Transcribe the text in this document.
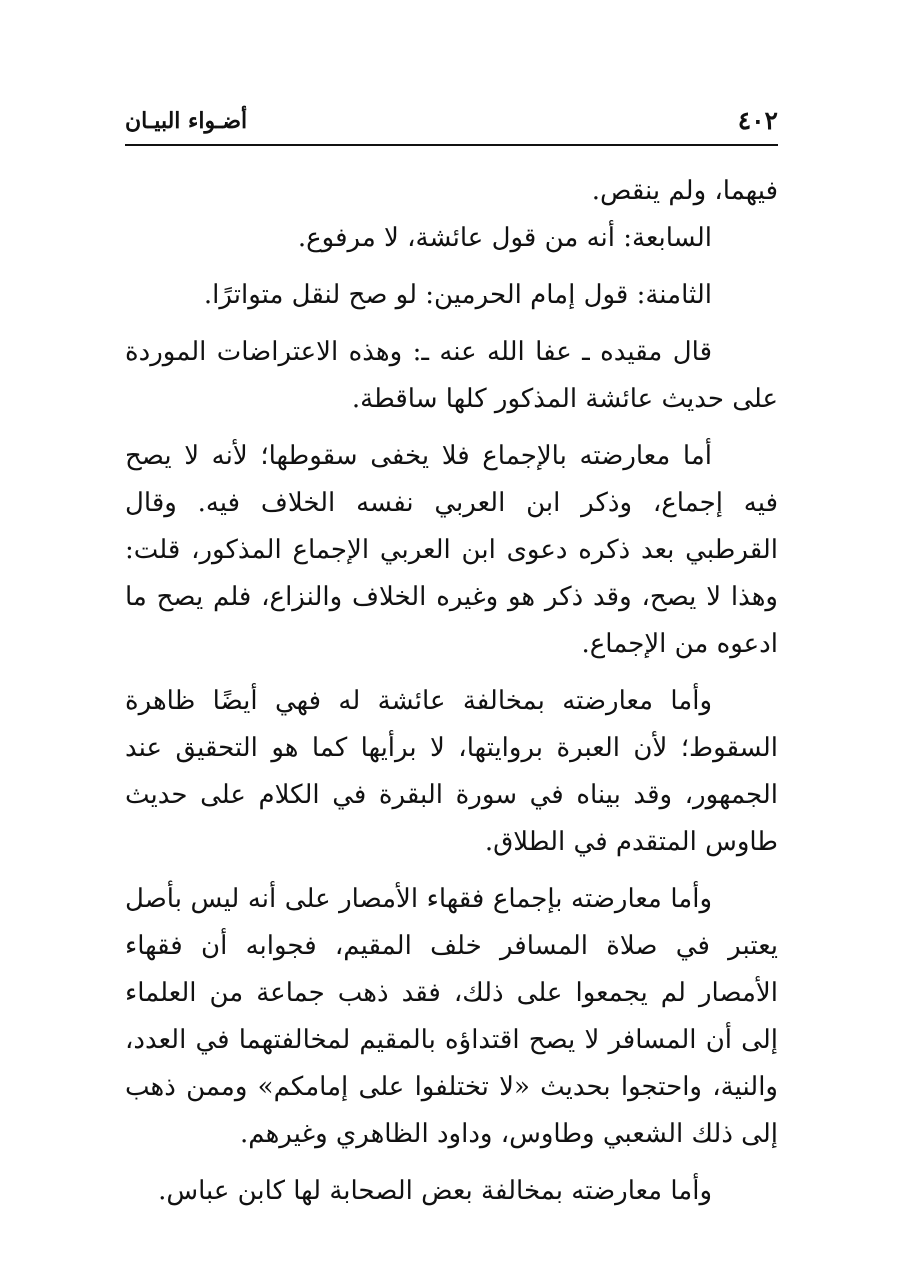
٤٠٢
أضـواء البيـان

فيهما، ولم ينقص.

السابعة: أنه من قول عائشة، لا مرفوع.

الثامنة: قول إمام الحرمين: لو صح لنقل متواترًا.

قال مقيده ـ عفا الله عنه ـ: وهذه الاعتراضات الموردة على حديث عائشة المذكور كلها ساقطة.

أما معارضته بالإجماع فلا يخفى سقوطها؛ لأنه لا يصح فيه إجماع، وذكر ابن العربي نفسه الخلاف فيه. وقال القرطبي بعد ذكره دعوى ابن العربي الإجماع المذكور، قلت: وهذا لا يصح، وقد ذكر هو وغيره الخلاف والنزاع، فلم يصح ما ادعوه من الإجماع.

وأما معارضته بمخالفة عائشة له فهي أيضًا ظاهرة السقوط؛ لأن العبرة بروايتها، لا برأيها كما هو التحقيق عند الجمهور، وقد بيناه في سورة البقرة في الكلام على حديث طاوس المتقدم في الطلاق.

وأما معارضته بإجماع فقهاء الأمصار على أنه ليس بأصل يعتبر في صلاة المسافر خلف المقيم، فجوابه أن فقهاء الأمصار لم يجمعوا على ذلك، فقد ذهب جماعة من العلماء إلى أن المسافر لا يصح اقتداؤه بالمقيم لمخالفتهما في العدد، والنية، واحتجوا بحديث «لا تختلفوا على إمامكم» وممن ذهب إلى ذلك الشعبي وطاوس، وداود الظاهري وغيرهم.

وأما معارضته بمخالفة بعض الصحابة لها كابن عباس.
